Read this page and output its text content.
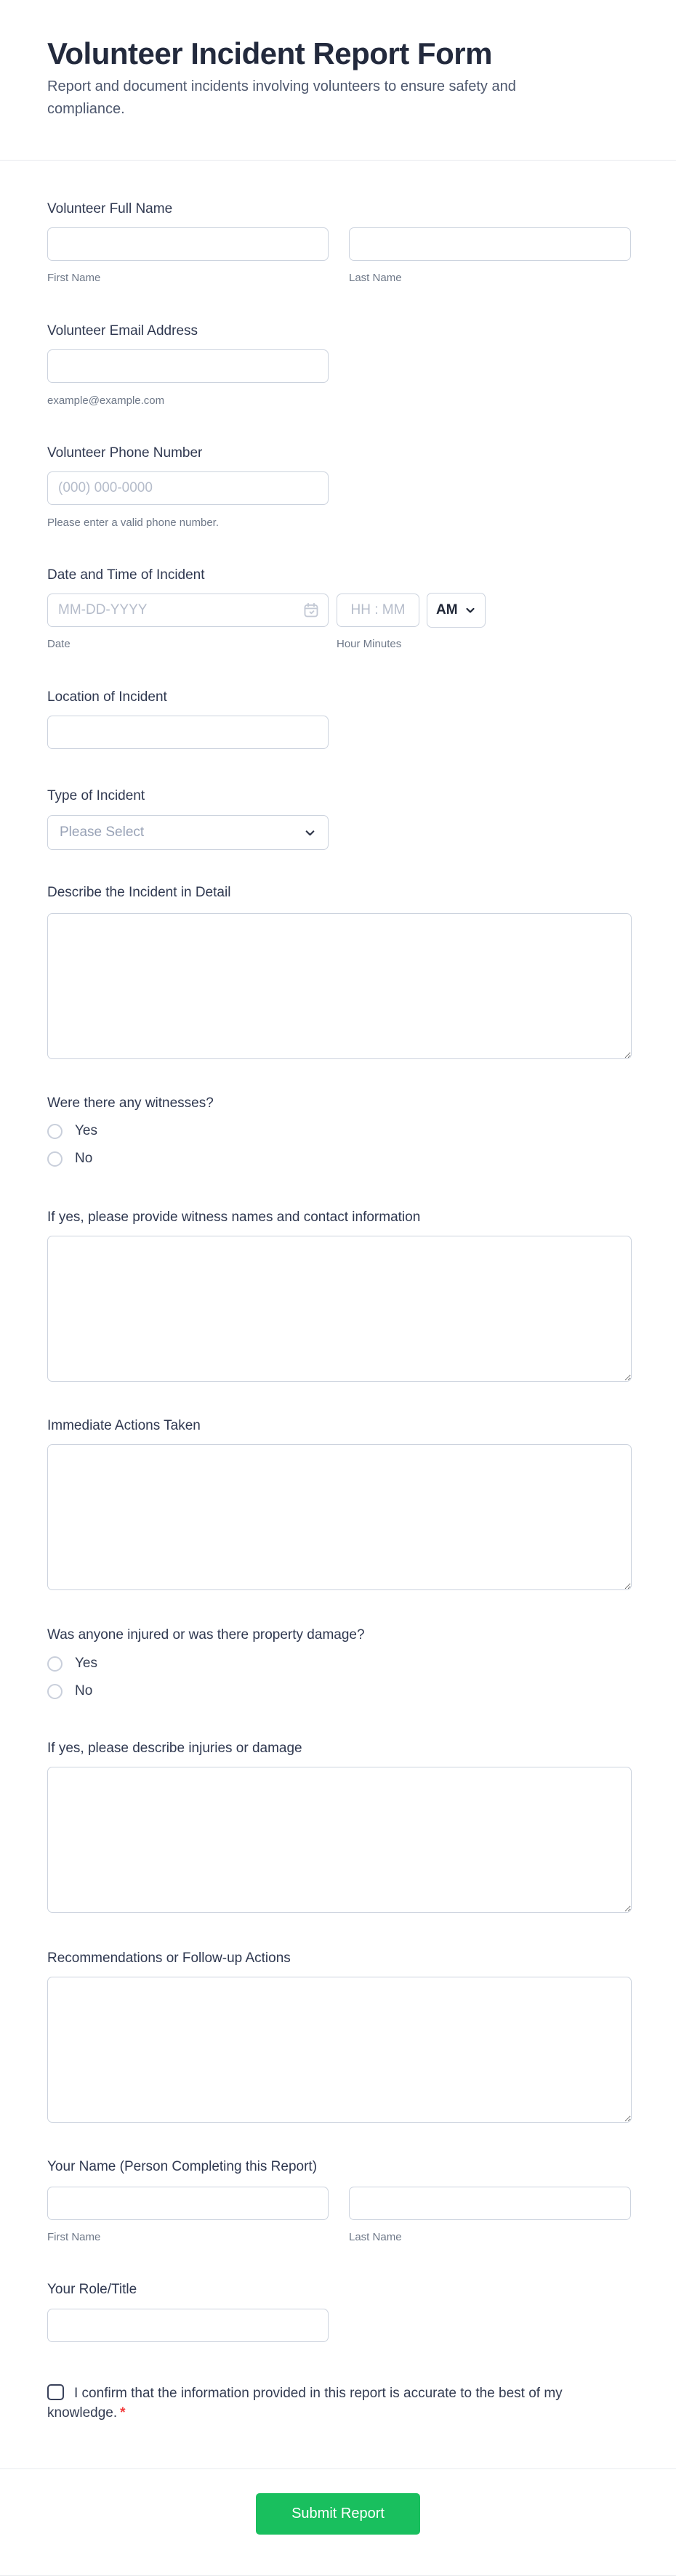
Volunteer Incident Report Form

Report and document incidents involving volunteers to ensure safety and compliance.

Volunteer Full Name
First Name	Last Name
Volunteer Email Address
example@example.com
Volunteer Phone Number
(000) 000-0000
Please enter a valid phone number.
Date and Time of Incident
MM-DD-YYYY
HH : MM
AM
Date	Hour Minutes
Location of Incident
Type of Incident
Please Select
Describe the Incident in Detail
Were there any witnesses?
Yes
No
If yes, please provide witness names and contact information
Immediate Actions Taken
Was anyone injured or was there property damage?
Yes
No
If yes, please describe injuries or damage
Recommendations or Follow-up Actions
Your Name (Person Completing this Report)
First Name	Last Name
Your Role/Title
I confirm that the information provided in this report is accurate to the best of my knowledge. *
Submit Report
